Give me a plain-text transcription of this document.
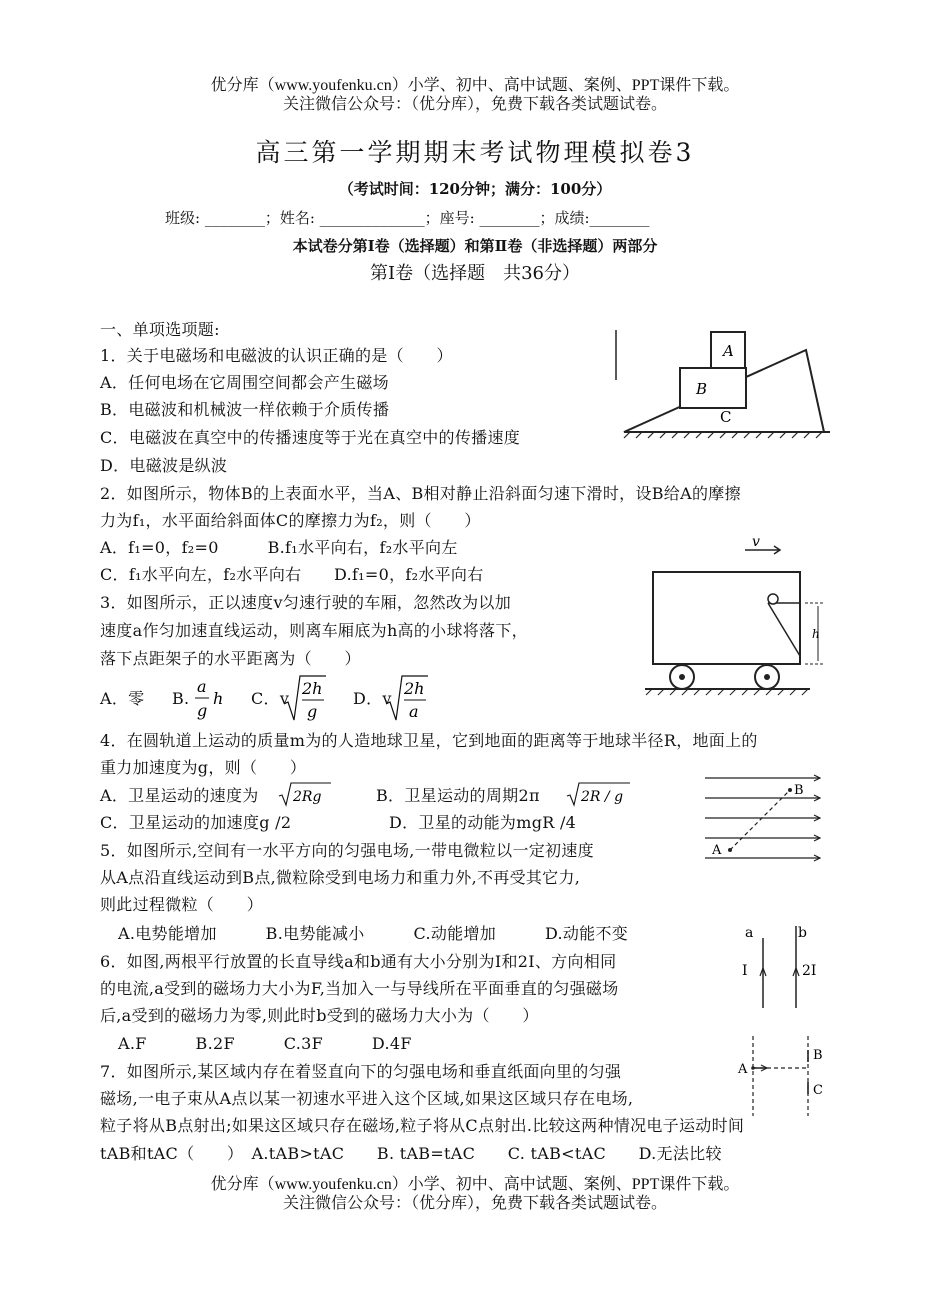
优分库（www.youfenku.cn）小学、初中、高中试题、案例、PPT课件下载。
关注微信公众号：（优分库），免费下载各类试题试卷。
高三第一学期期末考试物理模拟卷3
（考试时间：120分钟；满分：100分）
班级: ________；姓名: ______________；座号: ________；成绩:________
本试卷分第Ⅰ卷（选择题）和第Ⅱ卷（非选择题）两部分
第Ⅰ卷（选择题　共36分）
一、单项选项题:
1．关于电磁场和电磁波的认识正确的是（　　）
A．任何电场在它周围空间都会产生磁场
B．电磁波和机械波一样依赖于介质传播
C．电磁波在真空中的传播速度等于光在真空中的传播速度
D．电磁波是纵波
A
B
C
2．如图所示，物体B的上表面水平，当A、B相对静止沿斜面匀速下滑时，设B给A的摩擦
力为f₁，水平面给斜面体C的摩擦力为f₂，则（　　）
A．f₁=0，f₂=0　　　B.f₁水平向右，f₂水平向左
C．f₁水平向左，f₂水平向右　　D.f₁=0，f₂水平向右
v
h
3．如图所示，正以速度v匀速行驶的车厢，忽然改为以加
速度a作匀加速直线运动，则离车厢底为h高的小球将落下，
落下点距架子的水平距离为（　　）
A．零 B.
a
g
h C．v
2h
g
D．v
2h
a
4．在圆轨道上运动的质量m为的人造地球卫星，它到地面的距离等于地球半径R，地面上的
重力加速度为g，则（　　）
A．卫星运动的速度为 2Rg	B．卫星运动的周期2π	2R / g
C．卫星运动的加速度g /2	D．卫星的动能为mgR /4
A
B
5．如图所示,空间有一水平方向的匀强电场,一带电微粒以一定初速度
从A点沿直线运动到B点,微粒除受到电场力和重力外,不再受其它力,
则此过程微粒（　　）
A.电势能增加　　　B.电势能减小　　　C.动能增加　　　D.动能不变	a	b
I	2I
6．如图,两根平行放置的长直导线a和b通有大小分别为I和2I、方向相同
的电流,a受到的磁场力大小为F,当加入一与导线所在平面垂直的匀强磁场
后,a受到的磁场力为零,则此时b受到的磁场力大小为（　　）
A.F　　　B.2F　　　C.3F　　　D.4F
A
B
C
7．如图所示,某区域内存在着竖直向下的匀强电场和垂直纸面向里的匀强
磁场,一电子束从A点以某一初速水平进入这个区域,如果这区域只存在电场,
粒子将从B点射出;如果这区域只存在磁场,粒子将从C点射出.比较这两种情况电子运动时间
tAB和tAC（　　）　A.tAB>tAC　　B. tAB=tAC　　C. tAB<tAC　　D.无法比较
优分库（www.youfenku.cn）小学、初中、高中试题、案例、PPT课件下载。
关注微信公众号：（优分库），免费下载各类试题试卷。
